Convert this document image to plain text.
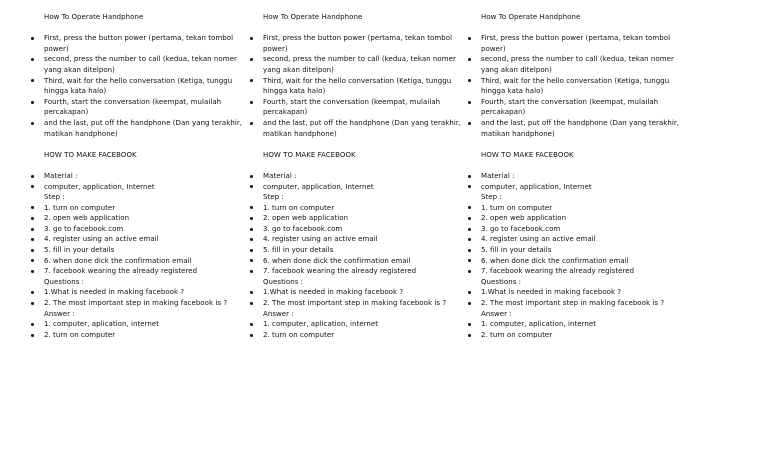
How To Operate Handphone
First, press the button power (pertama, tekan tombol power)
second, press the number to call (kedua, tekan nomer yang akan ditelpon)
Third, wait for the hello conversation (Ketiga, tunggu hingga kata halo)
Fourth, start the conversation (keempat, mulailah percakapan)
and the last, put off the handphone (Dan yang terakhir, matikan handphone)
HOW TO MAKE FACEBOOK
Material :
computer, application, Internet
Step :
1. turn on computer
2. open web application
3. go to facebook.com
4. register using an active email
5. fill in your details
6. when done dick the confirmation email
7. facebook wearing the already registered
Questions :
1.What is needed in making facebook ?
2. The most important step in making facebook is ?
Answer :
1. computer, aplication, internet
2. turn on computer
How To Operate Handphone
First, press the button power (pertama, tekan tombol power)
second, press the number to call (kedua, tekan nomer yang akan ditelpon)
Third, wait for the hello conversation (Ketiga, tunggu hingga kata halo)
Fourth, start the conversation (keempat, mulailah percakapan)
and the last, put off the handphone (Dan yang terakhir, matikan handphone)
HOW TO MAKE FACEBOOK
Material :
computer, application, Internet
Step :
1. turn on computer
2. open web application
3. go to facebook.com
4. register using an active email
5. fill in your details
6. when done dick the confirmation email
7. facebook wearing the already registered
Questions :
1.What is needed in making facebook ?
2. The most important step in making facebook is ?
Answer :
1. computer, aplication, internet
2. turn on computer
How To Operate Handphone
First, press the button power (pertama, tekan tombol power)
second, press the number to call (kedua, tekan nomer yang akan ditelpon)
Third, wait for the hello conversation (Ketiga, tunggu hingga kata halo)
Fourth, start the conversation (keempat, mulailah percakapan)
and the last, put off the handphone (Dan yang terakhir, matikan handphone)
HOW TO MAKE FACEBOOK
Material :
computer, application, Internet
Step :
1. turn on computer
2. open web application
3. go to facebook.com
4. register using an active email
5. fill in your details
6. when done dick the confirmation email
7. facebook wearing the already registered
Questions :
1.What is needed in making facebook ?
2. The most important step in making facebook is ?
Answer :
1. computer, aplication, internet
2. turn on computer
